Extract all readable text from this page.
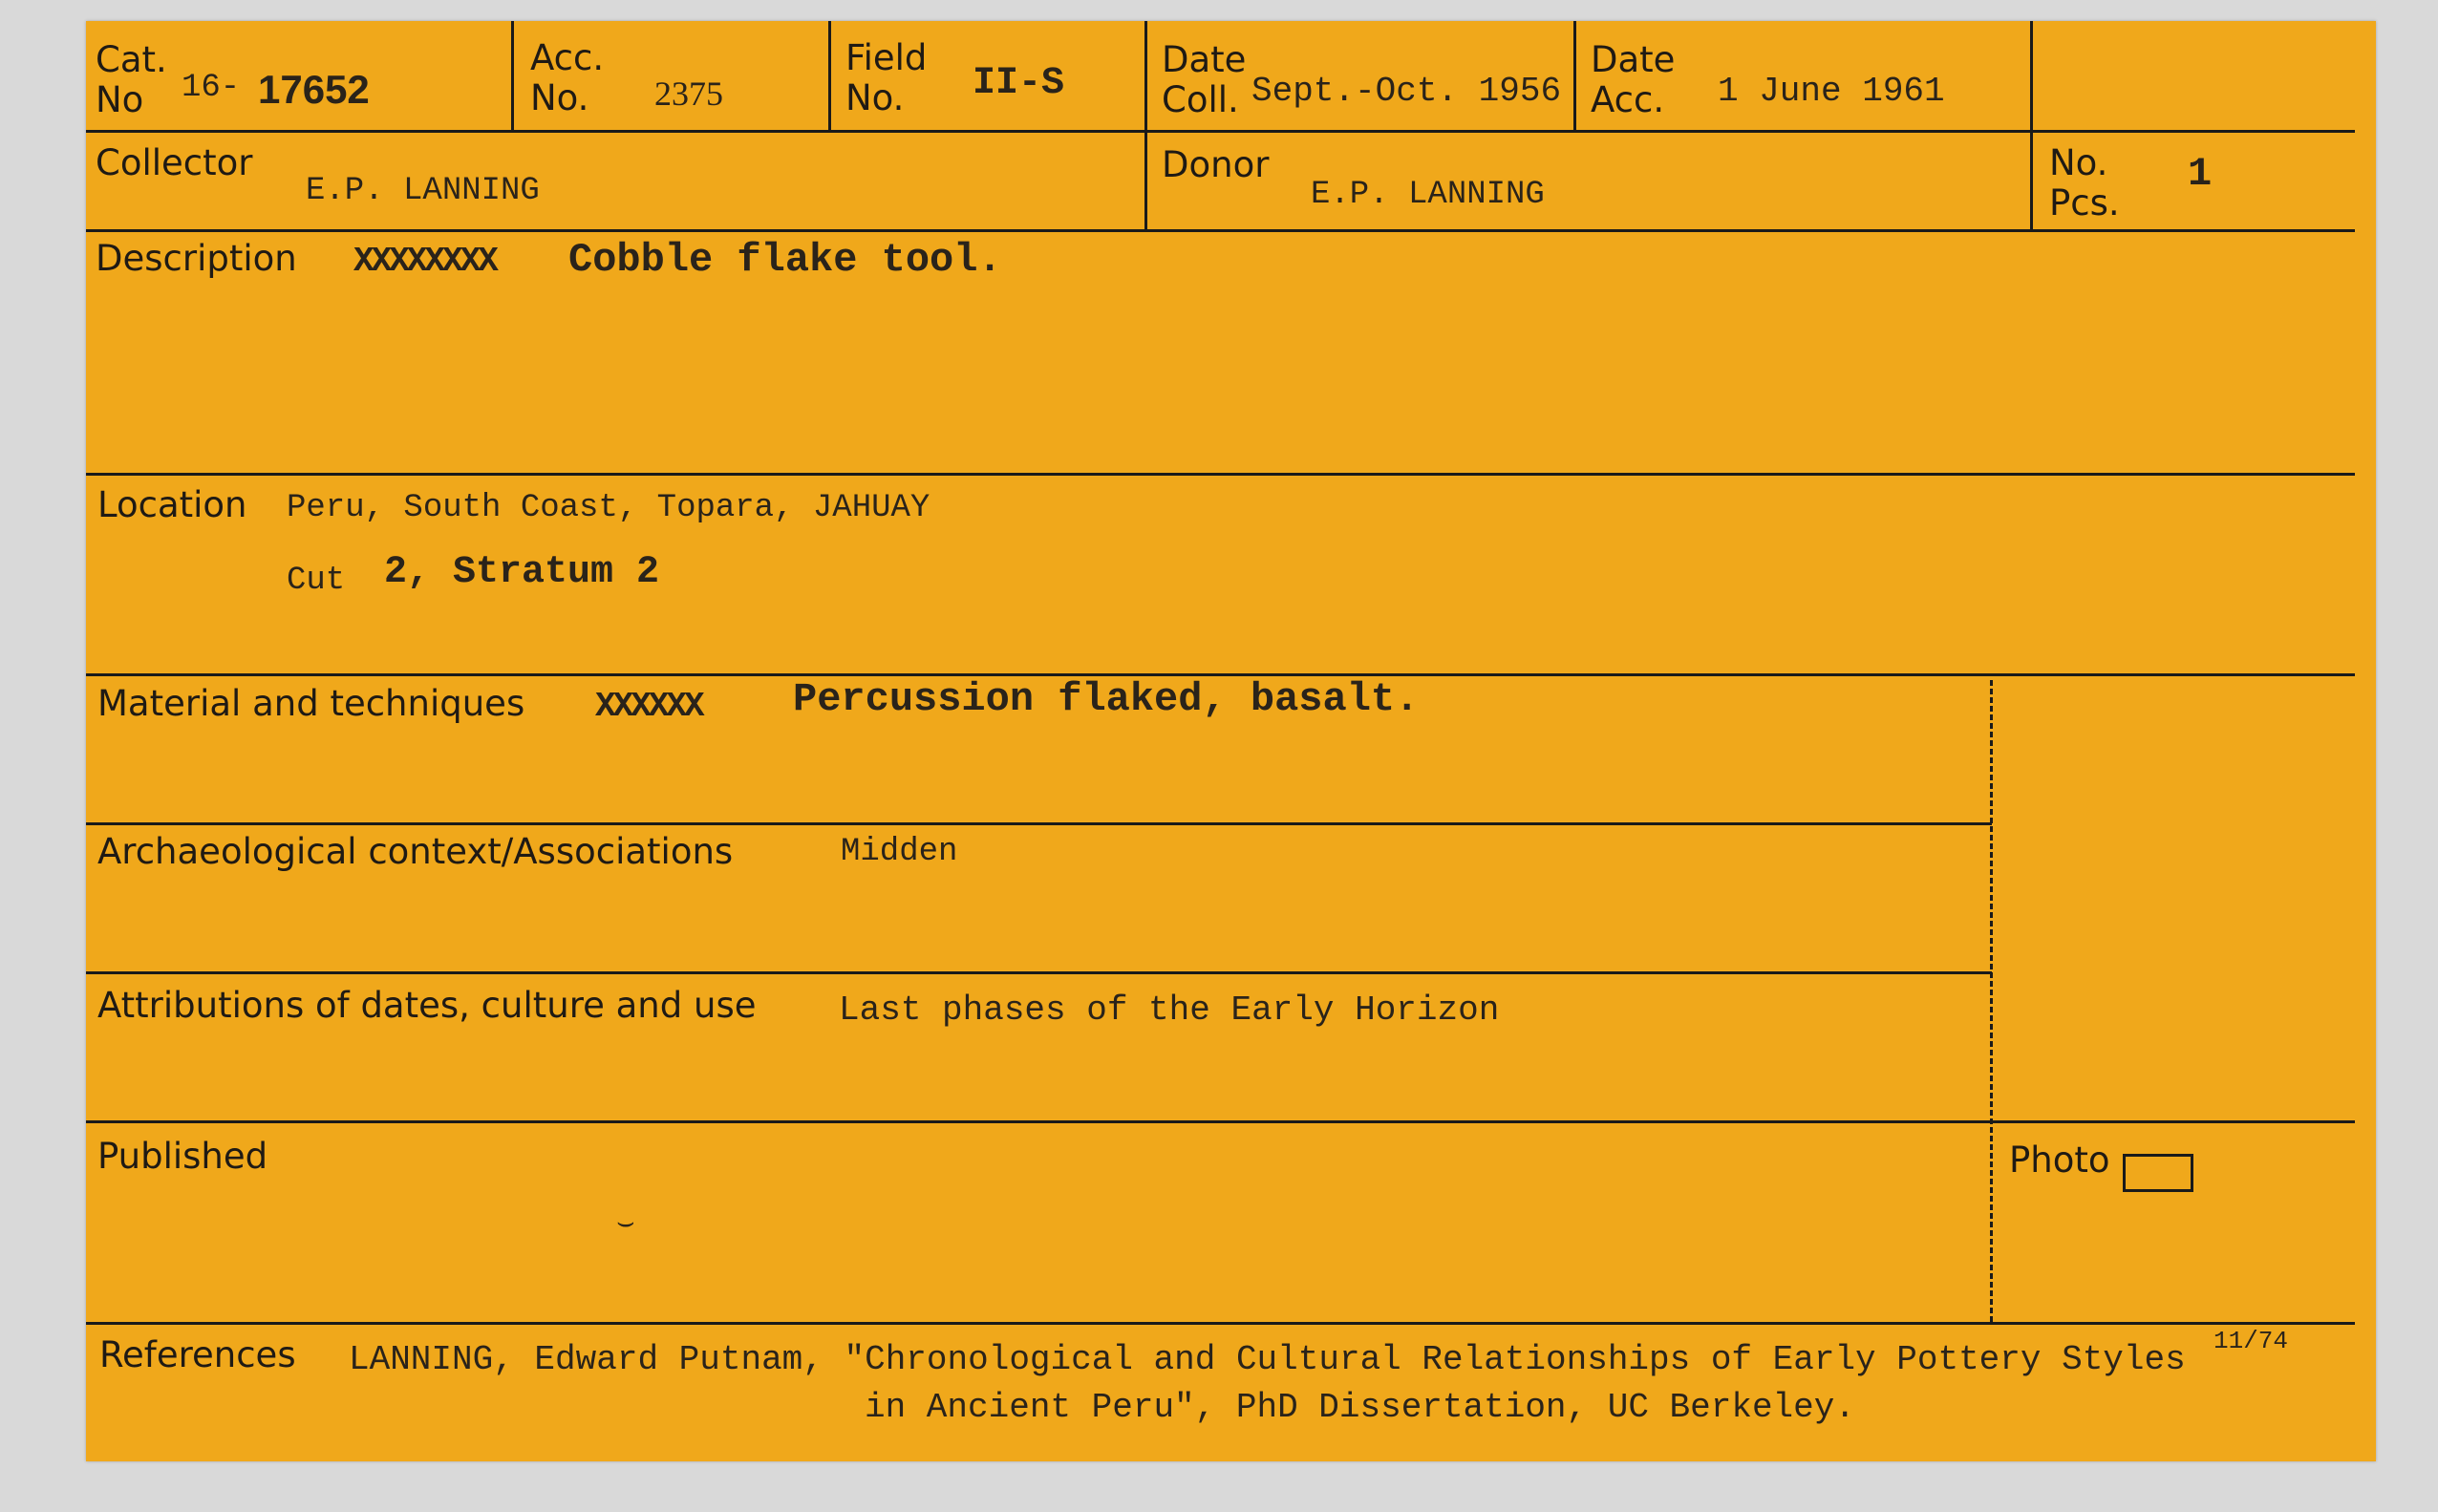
Cat. No	16- 17652
Acc. No.	2375
Field No.	II-S
Date Coll. Sept.-Oct. 1956
Date Acc.	1 June 1961
Collector
E.P. LANNING
Donor
E.P. LANNING
No. Pcs.
1
Description XXXXXXXX Cobble flake tool.
Location Peru, South Coast, Topara, JAHUAY
Cut 2, Stratum 2
Material and techniques XXXXXX Percussion flaked, basalt.
Archaeological context/Associations	Midden
Attributions of dates, culture and use Last phases of the Early Horizon
Published
⌣
Photo
References LANNING, Edward Putnam, "Chronological and Cultural Relationships of Early Pottery Styles
in Ancient Peru", PhD Dissertation, UC Berkeley.
11/74
